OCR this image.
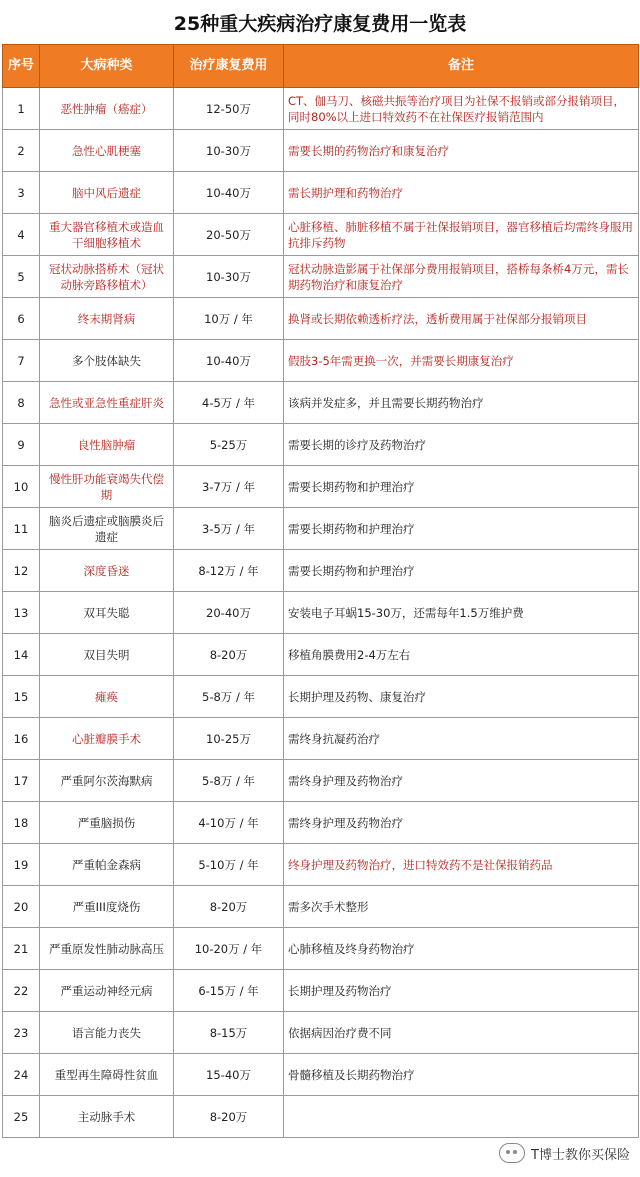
25种重大疾病治疗康复费用一览表
序号	大病种类	治疗康复费用	备注
1	恶性肿瘤（癌症）	12-50万	CT、伽马刀、核磁共振等治疗项目为社保不报销或部分报销项目，同时80%以上进口特效药不在社保医疗报销范围内
2	急性心肌梗塞	10-30万	需要长期的药物治疗和康复治疗
3	脑中风后遗症	10-40万	需长期护理和药物治疗
4	重大器官移植术或造血干细胞移植术	20-50万	心脏移植、肺脏移植不属于社保报销项目，器官移植后均需终身服用抗排斥药物
5	冠状动脉搭桥术（冠状动脉旁路移植术）	10-30万	冠状动脉造影属于社保部分费用报销项目，搭桥每条桥4万元，需长期药物治疗和康复治疗
6	终末期肾病	10万 / 年	换肾或长期依赖透析疗法，透析费用属于社保部分报销项目
7	多个肢体缺失	10-40万	假肢3-5年需更换一次，并需要长期康复治疗
8	急性或亚急性重症肝炎	4-5万 / 年	该病并发症多，并且需要长期药物治疗
9	良性脑肿瘤	5-25万	需要长期的诊疗及药物治疗
10	慢性肝功能衰竭失代偿期	3-7万 / 年	需要长期药物和护理治疗
11	脑炎后遗症或脑膜炎后遗症	3-5万 / 年	需要长期药物和护理治疗
12	深度昏迷	8-12万 / 年	需要长期药物和护理治疗
13	双耳失聪	20-40万	安装电子耳蜗15-30万，还需每年1.5万维护费
14	双目失明	8-20万	移植角膜费用2-4万左右
15	瘫痪	5-8万 / 年	长期护理及药物、康复治疗
16	心脏瓣膜手术	10-25万	需终身抗凝药治疗
17	严重阿尔茨海默病	5-8万 / 年	需终身护理及药物治疗
18	严重脑损伤	4-10万 / 年	需终身护理及药物治疗
19	严重帕金森病	5-10万 / 年	终身护理及药物治疗，进口特效药不是社保报销药品
20	严重III度烧伤	8-20万	需多次手术整形
21	严重原发性肺动脉高压	10-20万 / 年	心肺移植及终身药物治疗
22	严重运动神经元病	6-15万 / 年	长期护理及药物治疗
23	语言能力丧失	8-15万	依据病因治疗费不同
24	重型再生障碍性贫血	15-40万	骨髓移植及长期药物治疗
25	主动脉手术	8-20万	
T博士教你买保险
